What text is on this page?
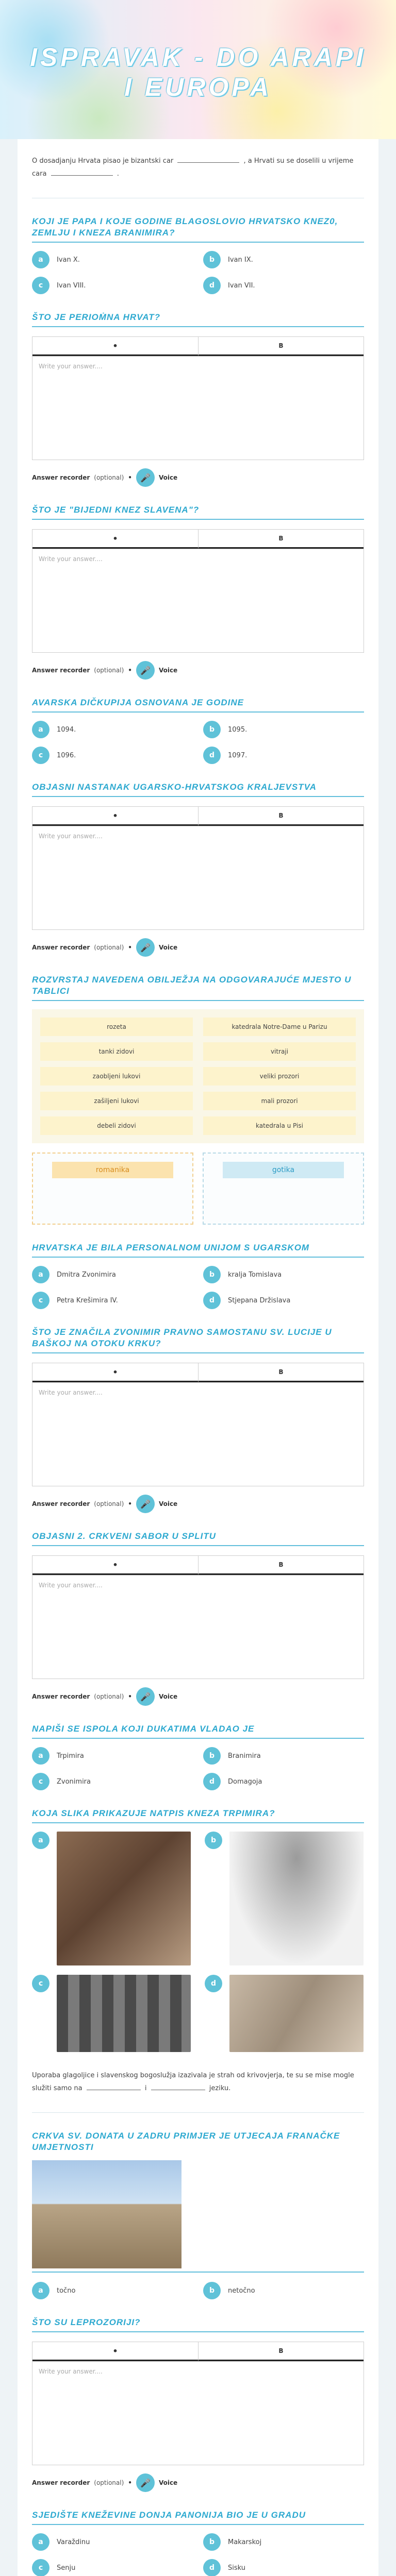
ISPRAVAK - DO ARAPI
I EUROPA
O dosadjanju Hrvata pisao je bizantski car	, a Hrvati su se doselili u vrijeme cara	.
KOJI JE PAPA I KOJE GODINE BLAGOSLOVIO HRVATSKO KNEZ0, ZEMLJU I KNEZA BRANIMIRA?
a	Ivan X.	b	Ivan IX.
c	Ivan VIII.	d	Ivan VII.
ŠTO JE PERIOṀNA HRVAT?
•	B
Write your answer....
Answer recorder (optional) •	🎤	Voice
ŠTO JE "BIJEDNI KNEZ SLAVENA"?
•	B
Write your answer....
Answer recorder (optional) •	🎤	Voice
AVARSKA DIČKUPIJA OSNOVANA JE GODINE
a	1094.	b	1095.
c	1096.	d	1097.
OBJASNI NASTANAK UGARSKO-HRVATSKOG KRALJEVSTVA
•	B
Write your answer....
Answer recorder (optional) •	🎤	Voice
ROZVRSTAJ NAVEDENA OBILJEŽJA NA ODGOVARAJUĆE MJESTO U TABLICI
rozeta	katedrala Notre-Dame u Parizu
tanki zidovi	vitraji
zaobljeni lukovi	veliki prozori
zašiljeni lukovi	mali prozori
debeli zidovi	katedrala u Pisi
romanika	gotika
HRVATSKA JE BILA PERSONALNOM UNIJOM S UGARSKOM
a	Dmitra Zvonimira	b	kralja Tomislava
c	Petra Krešimira IV.	d	Stjepana Držislava
ŠTO JE ZNAČILA ZVONIMIR PRAVNO SAMOSTANU SV. LUCIJE U BAŠKOJ NA OTOKU KRKU?
•	B
Write your answer....
Answer recorder (optional) •	🎤	Voice
OBJASNI 2. CRKVENI SABOR U SPLITU
•	B
Write your answer....
Answer recorder (optional) •	🎤	Voice
NAPIŠI SE ISPOLA KOJI DUKATIMA VLADAO JE
a	Trpimira	b	Branimira
c	Zvonimira	d	Domagoja
KOJA SLIKA PRIKAZUJE NATPIS KNEZA TRPIMIRA?
a	b
c	d
Uporaba glagoljice i slavenskog bogoslužja izazivala je strah od krivovjerja, te su se mise mogle služiti samo na	i	jeziku.
CRKVA SV. DONATA U ZADRU PRIMJER JE UTJECAJA FRANAČKE UMJETNOSTI
a	točno	b	netočno
ŠTO SU LEPROZORIJI?
•	B
Write your answer....
Answer recorder (optional) •	🎤	Voice
SJEDIŠTE KNEŽEVINE DONJA PANONIJA BIO JE U GRADU
a	Varaždinu	b	Makarskoj
c	Senju	d	Sisku
